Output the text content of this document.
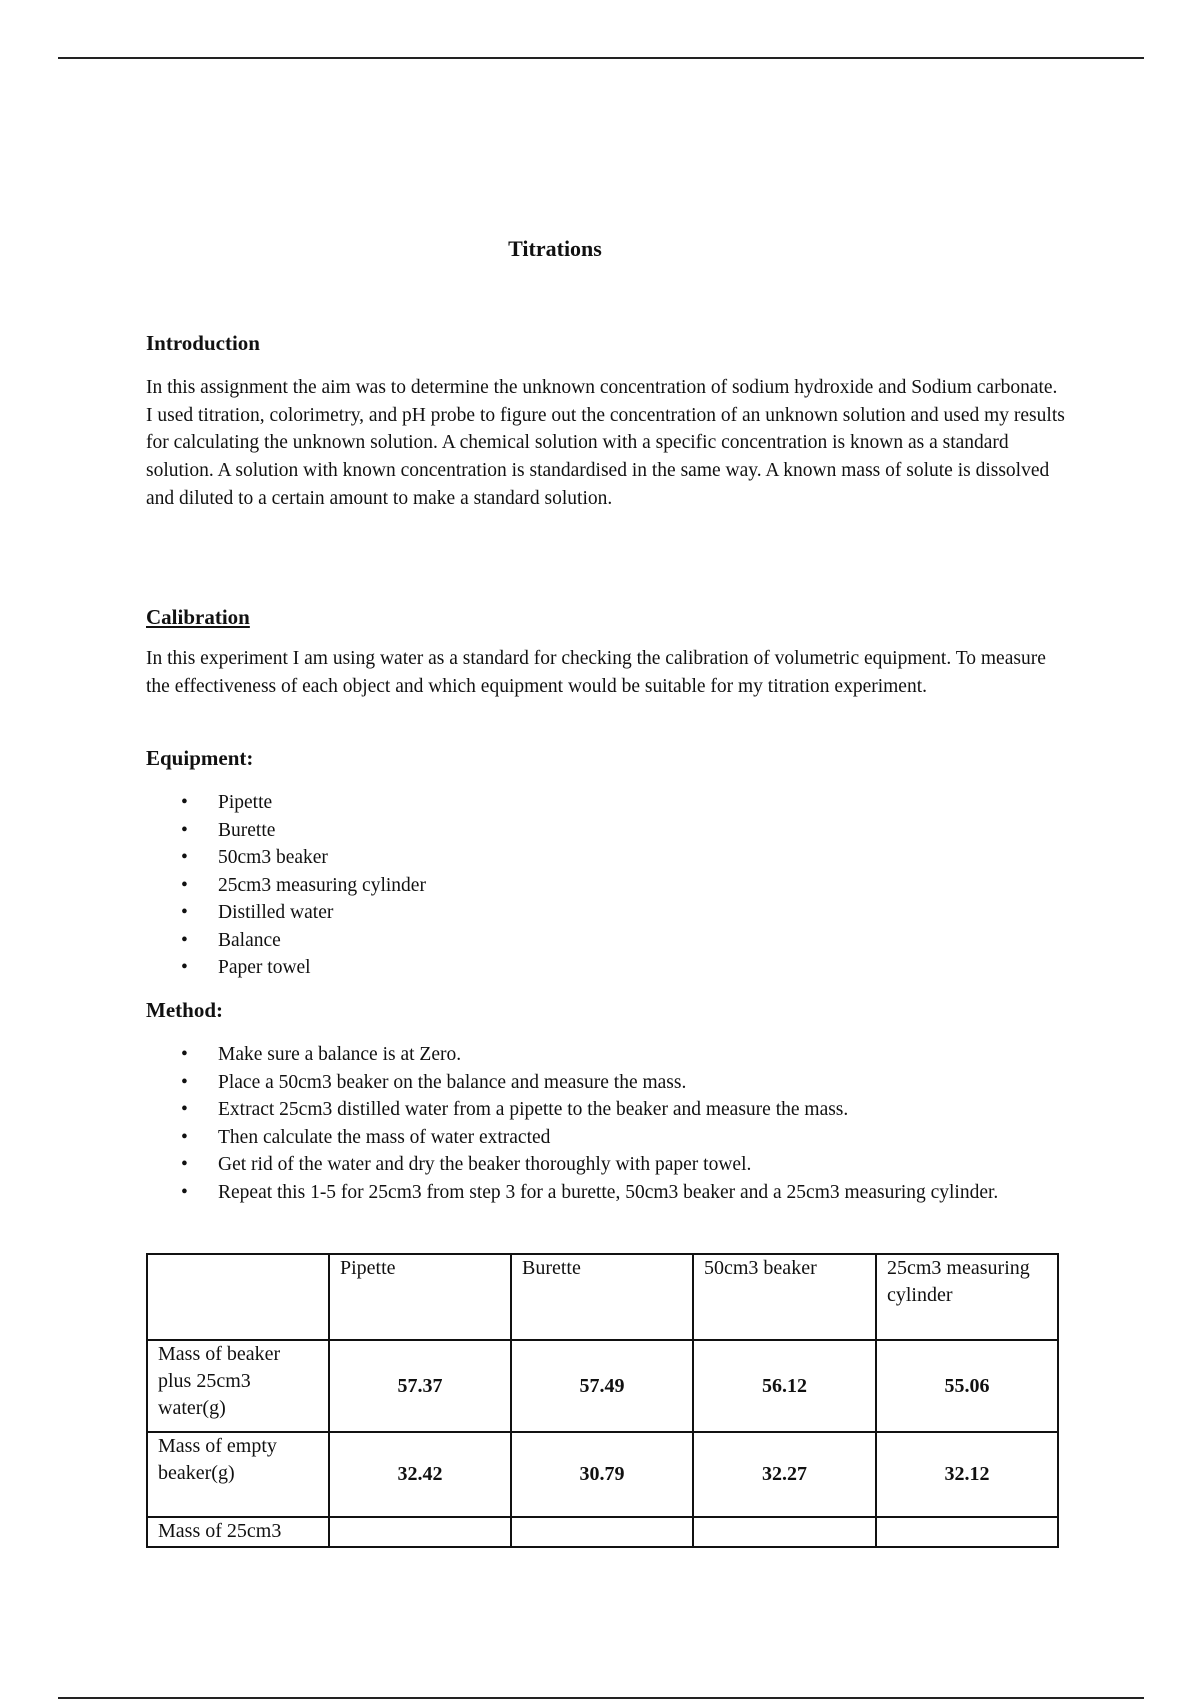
Titrations
Introduction
In this assignment the aim was to determine the unknown concentration of sodium hydroxide and Sodium carbonate. I used titration, colorimetry, and pH probe to figure out the concentration of an unknown solution and used my results for calculating the unknown solution. A chemical solution with a specific concentration is known as a standard solution. A solution with known concentration is standardised in the same way. A known mass of solute is dissolved and diluted to a certain amount to make a standard solution.
Calibration
In this experiment I am using water as a standard for checking the calibration of volumetric equipment. To measure the effectiveness of each object and which equipment would be suitable for my titration experiment.
Equipment:
• Pipette
• Burette
• 50cm3 beaker
• 25cm3 measuring cylinder
• Distilled water
• Balance
• Paper towel
Method:
• Make sure a balance is at Zero.
• Place a 50cm3 beaker on the balance and measure the mass.
• Extract 25cm3 distilled water from a pipette to the beaker and measure the mass.
• Then calculate the mass of water extracted
• Get rid of the water and dry the beaker thoroughly with paper towel.
• Repeat this 1-5 for 25cm3 from step 3 for a burette, 50cm3 beaker and a 25cm3 measuring cylinder.
	Pipette	Burette	50cm3 beaker	25cm3 measuring cylinder
Mass of beaker plus 25cm3 water(g)	57.37	57.49	56.12	55.06
Mass of empty beaker(g)	32.42	30.79	32.27	32.12
Mass of 25cm3				
